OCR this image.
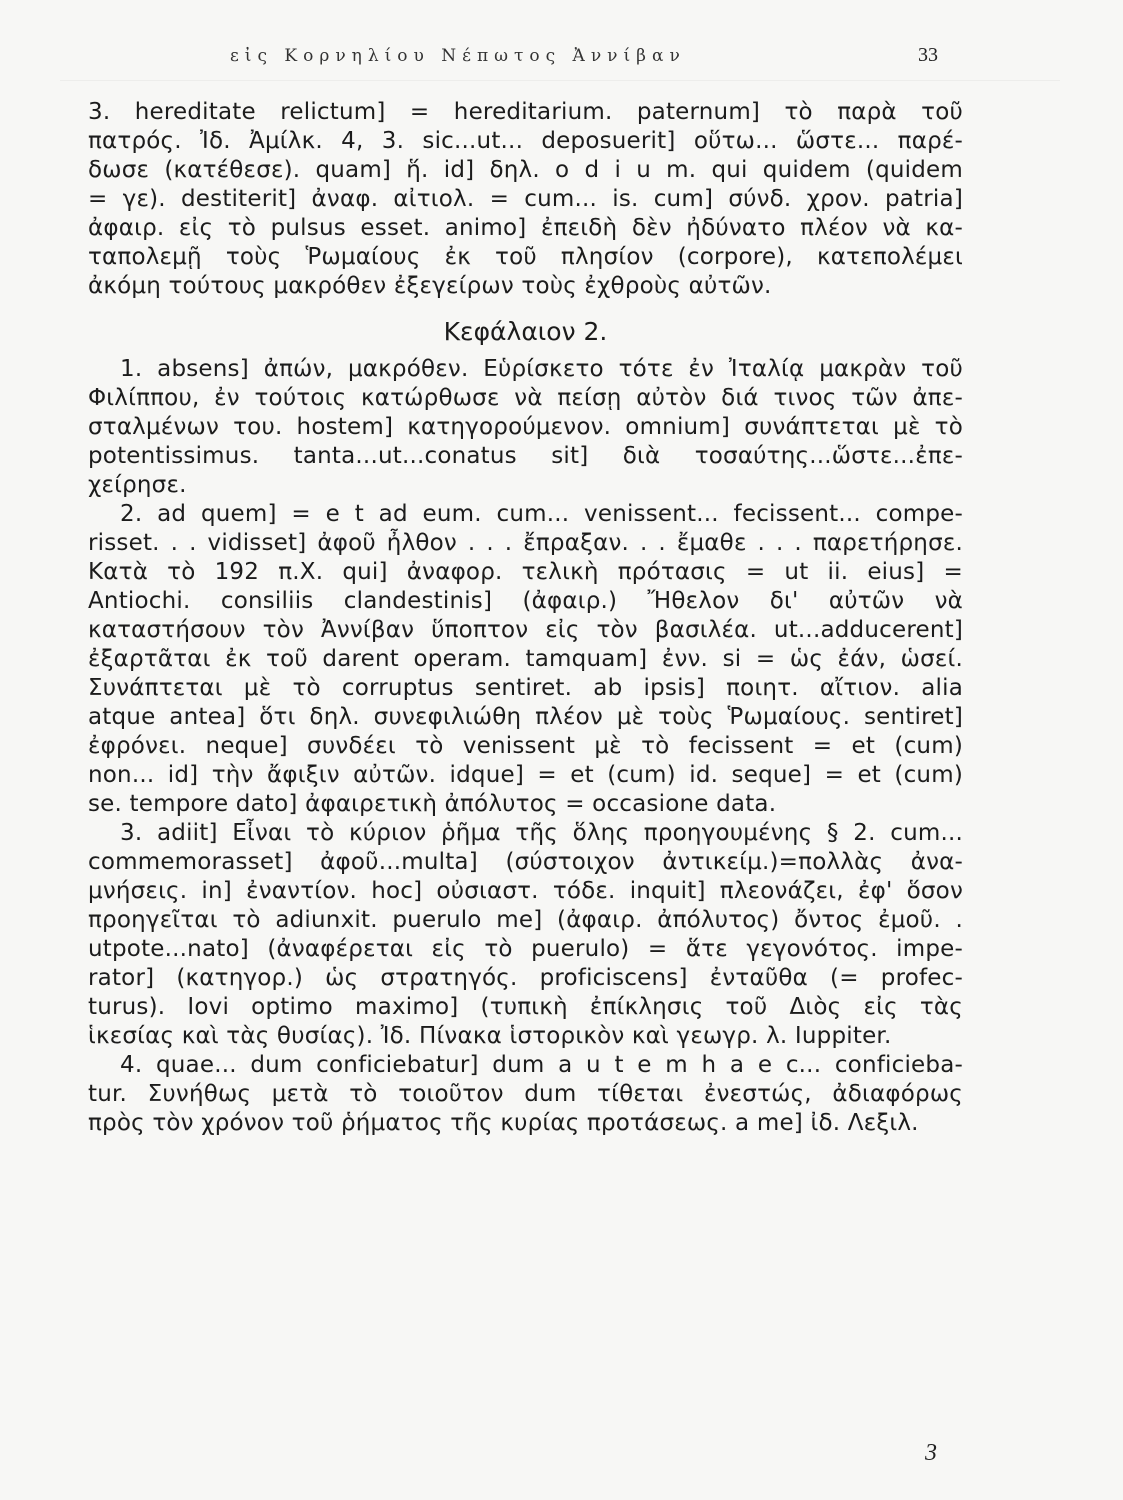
εἰς Κορνηλίου Νέπωτος Ἀννίβαν	33
3. hereditate relictum] = hereditarium. paternum] τὸ παρὰ τοῦ
πατρός. Ἰδ. Ἀμίλκ. 4, 3. sic...ut... deposuerit] οὕτω... ὥστε... παρέ-
δωσε (κατέθεσε). quam] ἥ. id] δηλ. o d i u m. qui quidem (quidem
= γε). destiterit] ἀναφ. αἰτιολ. = cum... is. cum] σύνδ. χρον. patria]
ἀφαιρ. εἰς τὸ pulsus esset. animo] ἐπειδὴ δὲν ἠδύνατο πλέον νὰ κα-
ταπολεμῇ τοὺς Ῥωμαίους ἐκ τοῦ πλησίον (corpore), κατεπολέμει
ἀκόμη τούτους μακρόθεν ἐξεγείρων τοὺς ἐχθροὺς αὐτῶν.
Κεφάλαιον 2.
1. absens] ἀπών, μακρόθεν. Εὑρίσκετο τότε ἐν Ἰταλίᾳ μακρὰν τοῦ
Φιλίππου, ἐν τούτοις κατώρθωσε νὰ πείσῃ αὐτὸν διά τινος τῶν ἀπε-
σταλμένων του. hostem] κατηγορούμενον. omnium] συνάπτεται μὲ τὸ
potentissimus. tanta...ut...conatus sit] διὰ τοσαύτης...ὥστε...ἐπε-
χείρησε.
2. ad quem] = e t ad eum. cum... venissent... fecissent... compe-
risset. . . vidisset] ἀφοῦ ἦλθον . . . ἔπραξαν. . . ἔμαθε . . . παρετήρησε.
Κατὰ τὸ 192 π.Χ. qui] ἀναφορ. τελικὴ πρότασις = ut ii. eius] =
Antiochi. consiliis clandestinis] (ἀφαιρ.) Ἤθελον δι' αὐτῶν νὰ
καταστήσουν τὸν Ἀννίβαν ὕποπτον εἰς τὸν βασιλέα. ut...adducerent]
ἐξαρτᾶται ἐκ τοῦ darent operam. tamquam] ἐνν. si = ὡς ἐάν, ὡσεί.
Συνάπτεται μὲ τὸ corruptus sentiret. ab ipsis] ποιητ. αἴτιον. alia
atque antea] ὅτι δηλ. συνεφιλιώθη πλέον μὲ τοὺς Ῥωμαίους. sentiret]
ἐφρόνει. neque] συνδέει τὸ venissent μὲ τὸ fecissent = et (cum)
non... id] τὴν ἄφιξιν αὐτῶν. idque] = et (cum) id. seque] = et (cum)
se. tempore dato] ἀφαιρετικὴ ἀπόλυτος = occasione data.
3. adiit] Εἶναι τὸ κύριον ῥῆμα τῆς ὅλης προηγουμένης § 2. cum...
commemorasset] ἀφοῦ...multa] (σύστοιχον ἀντικείμ.)=πολλὰς ἀνα-
μνήσεις. in] ἐναντίον. hoc] οὐσιαστ. τόδε. inquit] πλεονάζει, ἐφ' ὅσον
προηγεῖται τὸ adiunxit. puerulo me] (ἀφαιρ. ἀπόλυτος) ὄντος ἐμοῦ. .
utpote...nato] (ἀναφέρεται εἰς τὸ puerulo) = ἅτε γεγονότος. impe-
rator] (κατηγορ.) ὡς στρατηγός. proficiscens] ἐνταῦθα (= profec-
turus). Iovi optimo maximo] (τυπικὴ ἐπίκλησις τοῦ Διὸς εἰς τὰς
ἱκεσίας καὶ τὰς θυσίας). Ἰδ. Πίνακα ἱστορικὸν καὶ γεωγρ. λ. Iuppiter.
4. quae... dum conficiebatur] dum a u t e m h a e c... conficieba-
tur. Συνήθως μετὰ τὸ τοιοῦτον dum τίθεται ἐνεστώς, ἀδιαφόρως
πρὸς τὸν χρόνον τοῦ ῥήματος τῆς κυρίας προτάσεως. a me] ἰδ. Λεξιλ.
3
